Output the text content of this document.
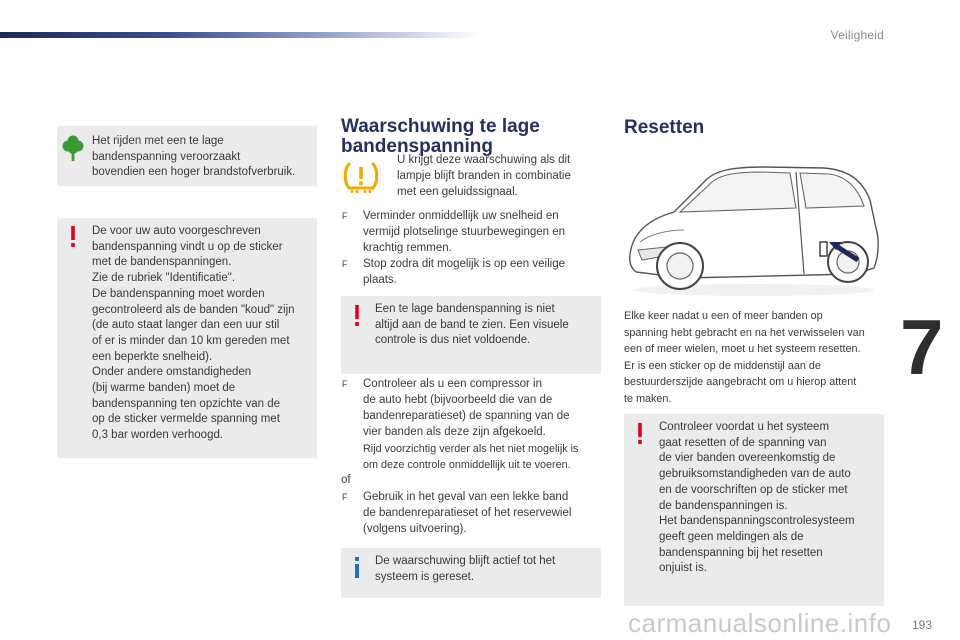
Veiligheid
Het rijden met een te lage
bandenspanning veroorzaakt
bovendien een hoger brandstofverbruik.
De voor uw auto voorgeschreven
bandenspanning vindt u op de sticker
met de bandenspanningen.
Zie de rubriek "Identificatie".
De bandenspanning moet worden
gecontroleerd als de banden "koud" zijn
(de auto staat langer dan een uur stil
of er is minder dan 10 km gereden met
een beperkte snelheid).
Onder andere omstandigheden
(bij warme banden) moet de
bandenspanning ten opzichte van de
op de sticker vermelde spanning met
0,3 bar worden verhoogd.
Waarschuwing te lage
bandenspanning
U krijgt deze waarschuwing als dit
lampje blijft branden in combinatie
met een geluidssignaal.
F Verminder onmiddellijk uw snelheid en
vermijd plotselinge stuurbewegingen en
krachtig remmen.
F Stop zodra dit mogelijk is op een veilige
plaats.
Een te lage bandenspanning is niet
altijd aan de band te zien. Een visuele
controle is dus niet voldoende.
F Controleer als u een compressor in
de auto hebt (bijvoorbeeld die van de
bandenreparatieset) de spanning van de
vier banden als deze zijn afgekoeld.
Rijd voorzichtig verder als het niet mogelijk is
om deze controle onmiddellijk uit te voeren.
of
F Gebruik in het geval van een lekke band
de bandenreparatieset of het reservewiel
(volgens uitvoering).
De waarschuwing blijft actief tot het
systeem is gereset.
Resetten
Elke keer nadat u een of meer banden op
spanning hebt gebracht en na het verwisselen van
een of meer wielen, moet u het systeem resetten.
Er is een sticker op de middenstijl aan de
bestuurderszijde aangebracht om u hierop attent
te maken.
Controleer voordat u het systeem
gaat resetten of de spanning van
de vier banden overeenkomstig de
gebruiksomstandigheden van de auto
en de voorschriften op de sticker met
de bandenspanningen is.
Het bandenspanningscontrolesysteem
geeft geen meldingen als de
bandenspanning bij het resetten
onjuist is.
7
carmanualsonline.info 193
